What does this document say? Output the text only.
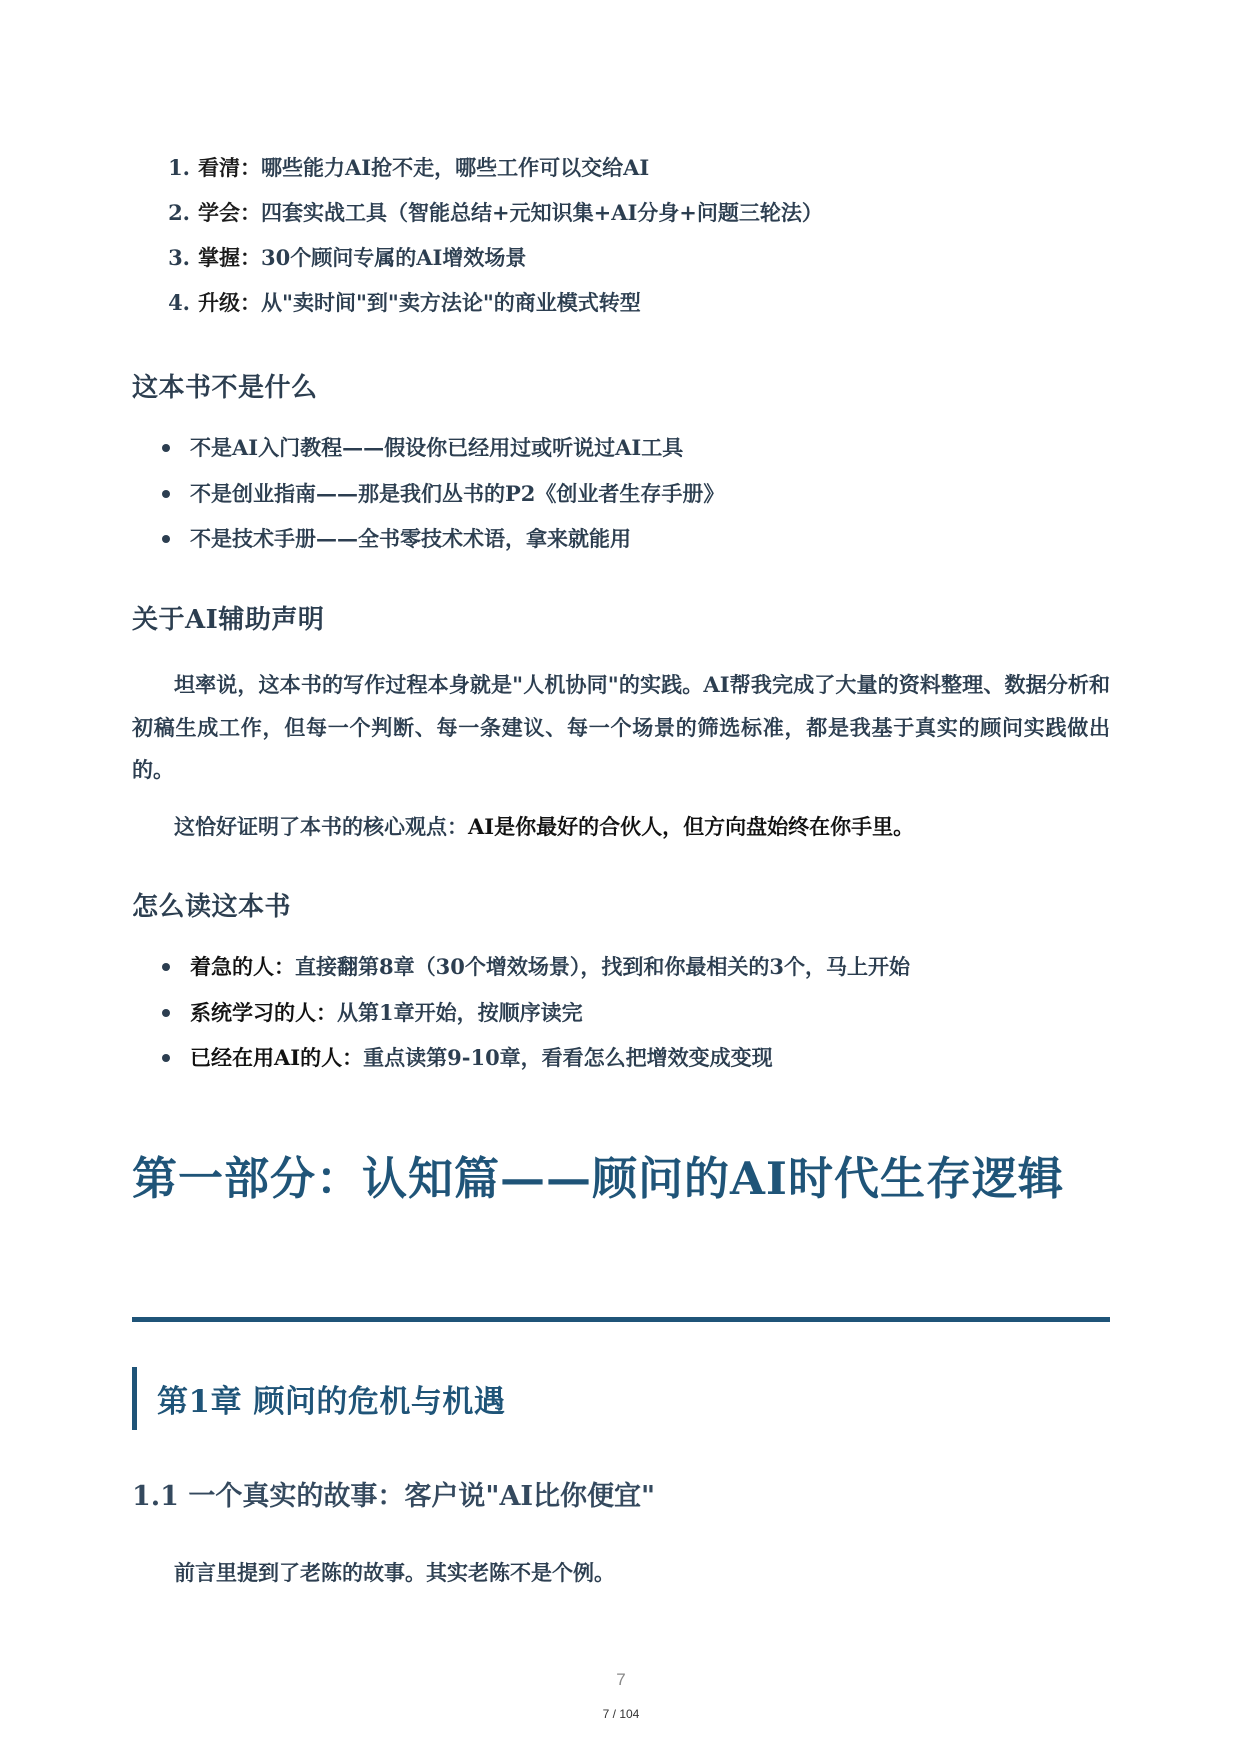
1. 看清： 哪些能力AI抢不走，哪些工作可以交给AI
2. 学会： 四套实战工具（智能总结+元知识集+AI分身+问题三轮法）
3. 掌握： 30个顾问专属的AI增效场景
4. 升级： 从"卖时间"到"卖方法论"的商业模式转型
这本书不是什么
不是AI入门教程——假设你已经用过或听说过AI工具
不是创业指南——那是我们丛书的P2《创业者生存手册》
不是技术手册——全书零技术术语，拿来就能用
关于AI辅助声明

坦率说，这本书的写作过程本身就是"人机协同"的实践。AI帮我完成了大量的资料整理、数据分析和初稿生成工作，但每一个判断、每一条建议、每一个场景的筛选标准，都是我基于真实的顾问实践做出的。

这恰好证明了本书的核心观点：AI是你最好的合伙人，但方向盘始终在你手里。

怎么读这本书
着急的人：直接翻第8章（30个增效场景），找到和你最相关的3个，马上开始
系统学习的人：从第1章开始，按顺序读完
已经在用AI的人：重点读第9-10章，看看怎么把增效变成变现
第一部分：认知篇——顾问的AI时代生存逻辑
第1章 顾问的危机与机遇
1.1 一个真实的故事：客户说"AI比你便宜"

前言里提到了老陈的故事。其实老陈不是个例。

7
7 / 104
